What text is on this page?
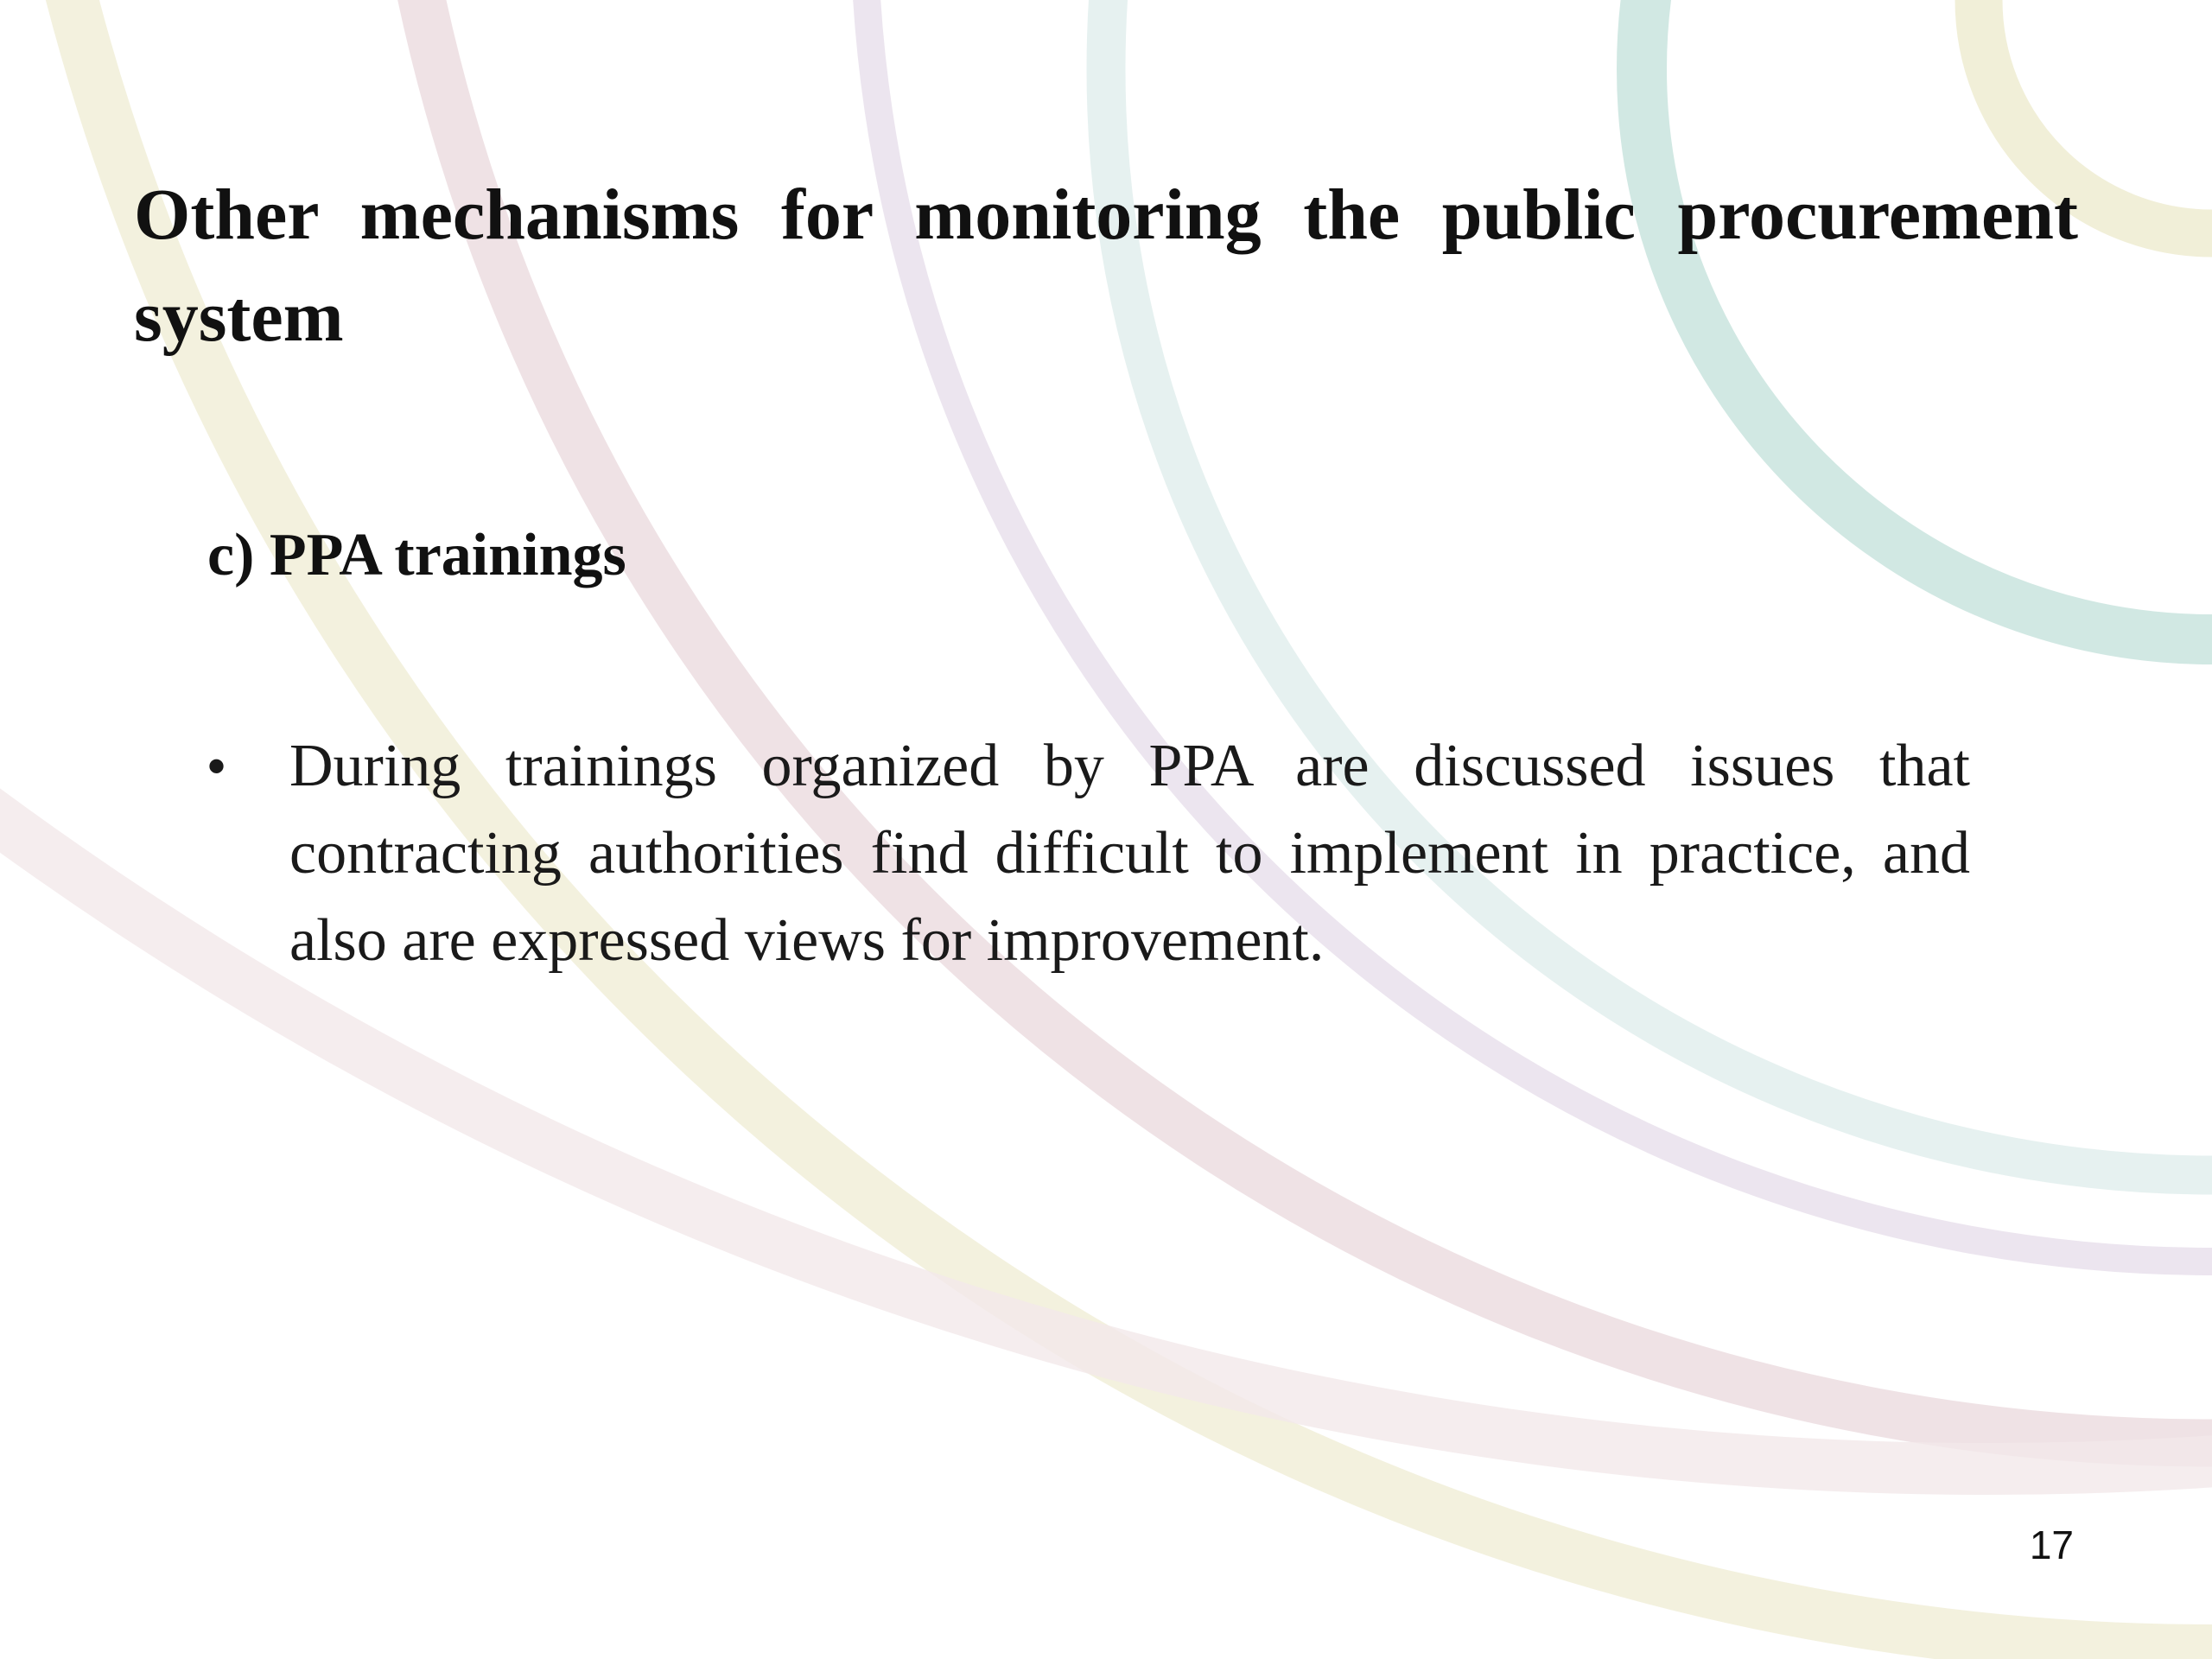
Other mechanisms for monitoring the public procurement system
c) PPA trainings
• During trainings organized by PPA are discussed issues that contracting authorities find difficult to implement in practice, and also are expressed views for improvement.
17
